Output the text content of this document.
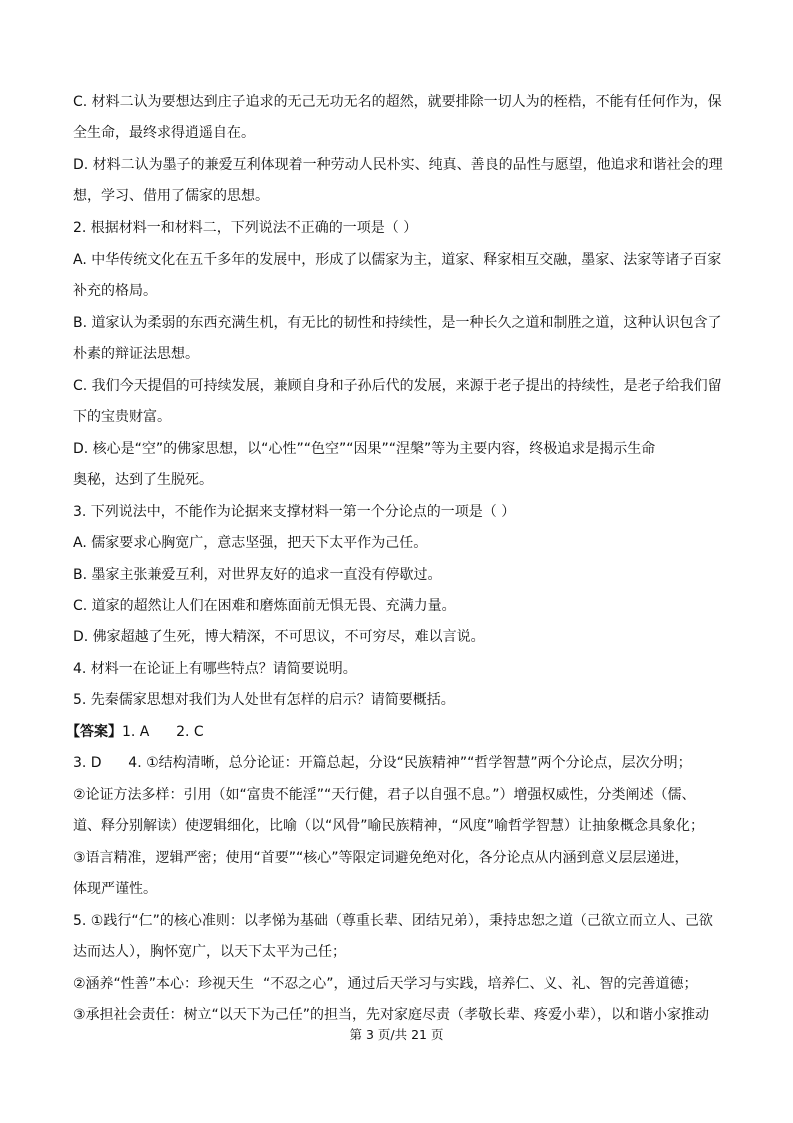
C. 材料二认为要想达到庄子追求的无己无功无名的超然，就要排除一切人为的桎梏，不能有任何作为，保
全生命，最终求得逍遥自在。
D. 材料二认为墨子的兼爱互利体现着一种劳动人民朴实、纯真、善良的品性与愿望，他追求和谐社会的理
想，学习、借用了儒家的思想。
2. 根据材料一和材料二，下列说法不正确的一项是（ ）
A. 中华传统文化在五千多年的发展中，形成了以儒家为主，道家、释家相互交融，墨家、法家等诸子百家
补充的格局。
B. 道家认为柔弱的东西充满生机，有无比的韧性和持续性，是一种长久之道和制胜之道，这种认识包含了
朴素的辩证法思想。
C. 我们今天提倡的可持续发展，兼顾自身和子孙后代的发展，来源于老子提出的持续性，是老子给我们留
下的宝贵财富。
D. 核心是“空”的佛家思想，以“心性”“色空”“因果”“涅槃”等为主要内容，终极追求是揭示生命
奥秘，达到了生脱死。
3. 下列说法中，不能作为论据来支撑材料一第一个分论点的一项是（ ）
A. 儒家要求心胸宽广，意志坚强，把天下太平作为己任。
B. 墨家主张兼爱互利，对世界友好的追求一直没有停歇过。
C. 道家的超然让人们在困难和磨炼面前无惧无畏、充满力量。
D. 佛家超越了生死，博大精深，不可思议，不可穷尽，难以言说。
4. 材料一在论证上有哪些特点？请简要说明。
5. 先秦儒家思想对我们为人处世有怎样的启示？请简要概括。
【答案】1. A      2. C
3. D      4. ①结构清晰，总分论证：开篇总起，分设“民族精神”“哲学智慧”两个分论点，层次分明；
②论证方法多样：引用（如“富贵不能淫”“天行健，君子以自强不息。”）增强权威性，分类阐述（儒、
道、释分别解读）使逻辑细化，比喻（以“风骨”喻民族精神，“风度”喻哲学智慧）让抽象概念具象化；
③语言精准，逻辑严密；使用“首要”“核心”等限定词避免绝对化，各分论点从内涵到意义层层递进，
体现严谨性。
5. ①践行“仁”的核心准则：以孝悌为基础（尊重长辈、团结兄弟），秉持忠恕之道（己欲立而立人、己欲
达而达人），胸怀宽广，以天下太平为己任；
②涵养“性善”本心：珍视天生  “不忍之心”，通过后天学习与实践，培养仁、义、礼、智的完善道德；
③承担社会责任：树立“以天下为己任”的担当，先对家庭尽责（孝敬长辈、疼爱小辈），以和谐小家推动
第 3 页/共 21 页
